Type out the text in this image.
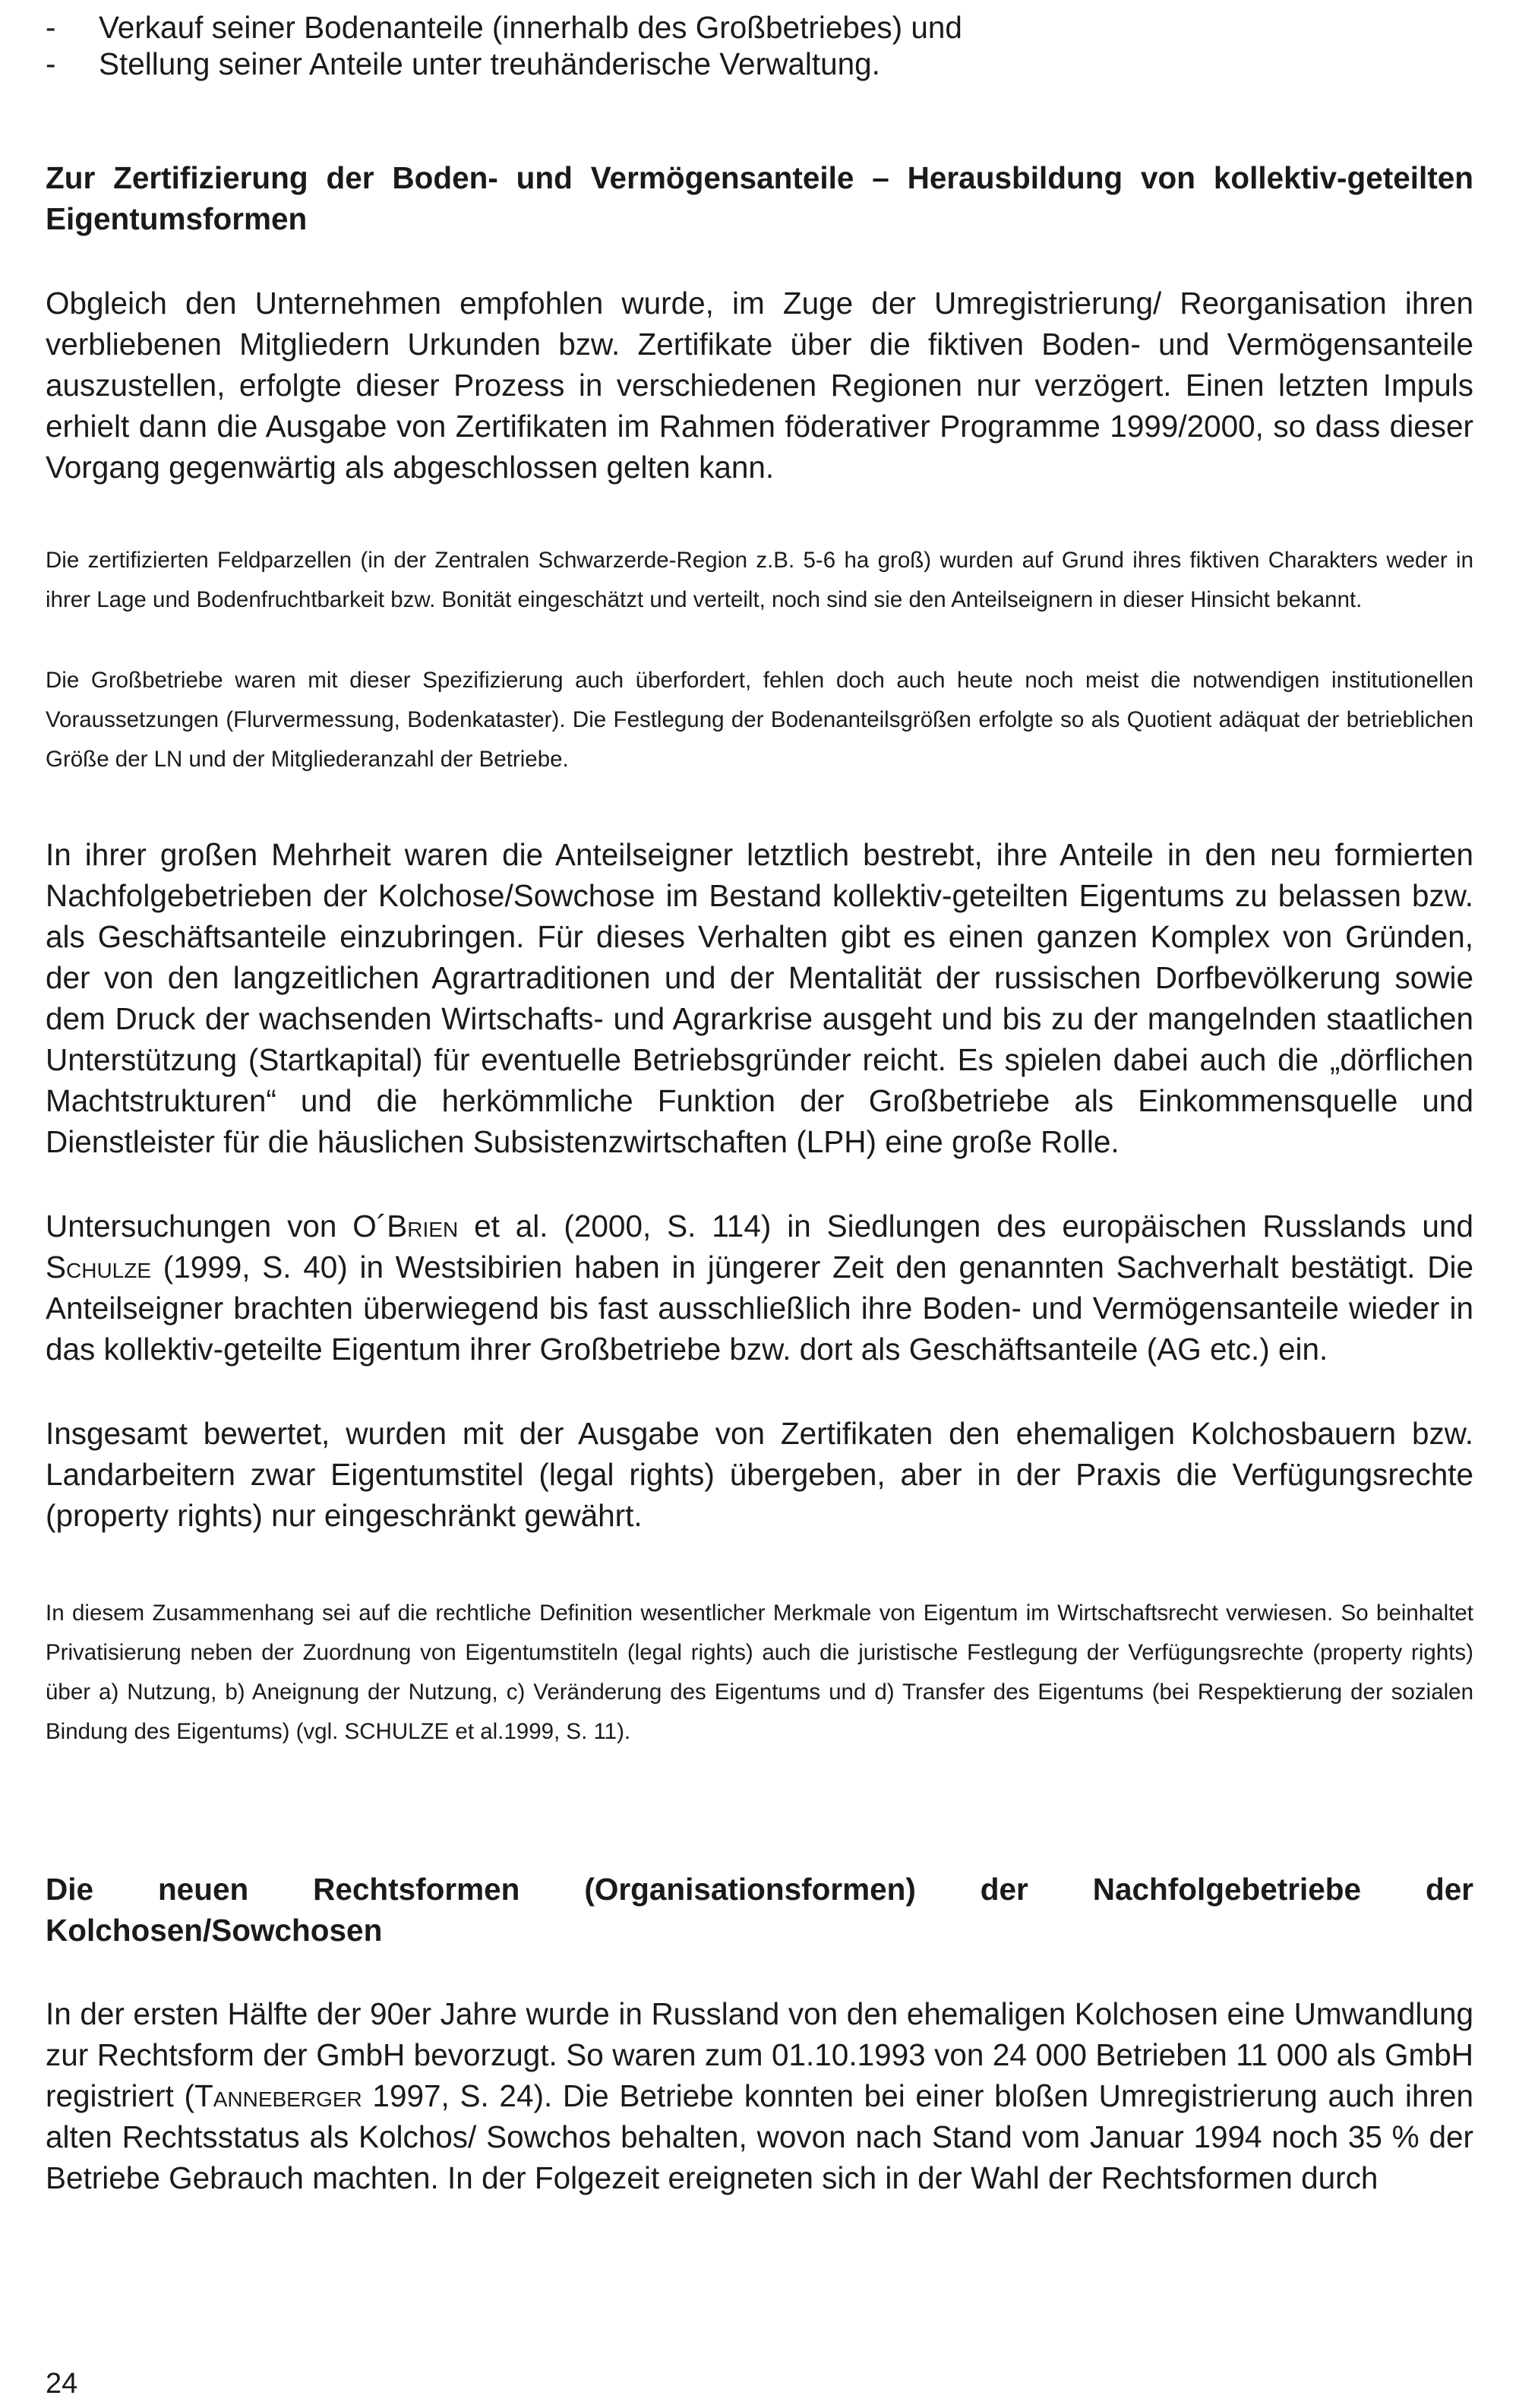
-	Verkauf seiner Bodenanteile (innerhalb des Großbetriebes) und

-	Stellung seiner Anteile unter treuhänderische Verwaltung.

Zur Zertifizierung der Boden- und Vermögensanteile – Herausbildung von kollektiv-geteilten Eigentumsformen

Obgleich den Unternehmen empfohlen wurde, im Zuge der Umregistrierung/ Reorganisation ihren verbliebenen Mitgliedern Urkunden bzw. Zertifikate über die fiktiven Boden- und Vermögensanteile auszustellen, erfolgte dieser Prozess in verschiedenen Regionen nur verzögert. Einen letzten Impuls erhielt dann die Ausgabe von Zertifikaten im Rahmen föderativer Programme 1999/2000, so dass dieser Vorgang gegenwärtig als abgeschlossen gelten kann.

Die zertifizierten Feldparzellen (in der Zentralen Schwarzerde-Region z.B. 5-6 ha groß) wurden auf Grund ihres fiktiven Charakters weder in ihrer Lage und Bodenfruchtbarkeit bzw. Bonität eingeschätzt und verteilt, noch sind sie den Anteilseignern in dieser Hinsicht bekannt.

Die Großbetriebe waren mit dieser Spezifizierung auch überfordert, fehlen doch auch heute noch meist die notwendigen institutionellen Voraussetzungen (Flurvermessung, Bodenkataster). Die Festlegung der Bodenanteilsgrößen erfolgte so als Quotient adäquat der betrieblichen Größe der LN und der Mitgliederanzahl der Betriebe.

In ihrer großen Mehrheit waren die Anteilseigner letztlich bestrebt, ihre Anteile in den neu formierten Nachfolgebetrieben der Kolchose/Sowchose im Bestand kollektiv-geteilten Eigentums zu belassen bzw. als Geschäftsanteile einzubringen. Für dieses Verhalten gibt es einen ganzen Komplex von Gründen, der von den langzeitlichen Agrartraditionen und der Mentalität der russischen Dorfbevölkerung sowie dem Druck der wachsenden Wirtschafts- und Agrarkrise ausgeht und bis zu der mangelnden staatlichen Unterstützung (Startkapital) für eventuelle Betriebsgründer reicht. Es spielen dabei auch die „dörflichen Machtstrukturen“ und die herkömmliche Funktion der Großbetriebe als Einkommensquelle und Dienstleister für die häuslichen Subsistenzwirtschaften (LPH) eine große Rolle.

Untersuchungen von O´Brien et al. (2000, S. 114) in Siedlungen des europäischen Russlands und Schulze (1999, S. 40) in Westsibirien haben in jüngerer Zeit den genannten Sachverhalt bestätigt. Die Anteilseigner brachten überwiegend bis fast ausschließlich ihre Boden- und Vermögensanteile wieder in das kollektiv-geteilte Eigentum ihrer Großbetriebe bzw. dort als Geschäftsanteile (AG etc.) ein.

Insgesamt bewertet, wurden mit der Ausgabe von Zertifikaten den ehemaligen Kolchosbauern bzw. Landarbeitern zwar Eigentumstitel (legal rights) übergeben, aber in der Praxis die Verfügungsrechte (property rights) nur eingeschränkt gewährt.

In diesem Zusammenhang sei auf die rechtliche Definition wesentlicher Merkmale von Eigentum im Wirtschaftsrecht verwiesen. So beinhaltet Privatisierung neben der Zuordnung von Eigentumstiteln (legal rights) auch die juristische Festlegung der Verfügungsrechte (property rights) über a) Nutzung, b) Aneignung der Nutzung, c) Veränderung des Eigentums und d) Transfer des Eigentums (bei Respektierung der sozialen Bindung des Eigentums) (vgl. SCHULZE et al.1999, S. 11).

Die neuen Rechtsformen (Organisationsformen) der Nachfolgebetriebe der Kolchosen/Sowchosen

In der ersten Hälfte der 90er Jahre wurde in Russland von den ehemaligen Kolchosen eine Umwandlung zur Rechtsform der GmbH bevorzugt. So waren zum 01.10.1993 von 24 000 Betrieben 11 000 als GmbH registriert (Tanneberger 1997, S. 24). Die Betriebe konnten bei einer bloßen Umregistrierung auch ihren alten Rechtsstatus als Kolchos/ Sowchos behalten, wovon nach Stand vom Januar 1994 noch 35 % der Betriebe Gebrauch machten. In der Folgezeit ereigneten sich in der Wahl der Rechtsformen durch

24
